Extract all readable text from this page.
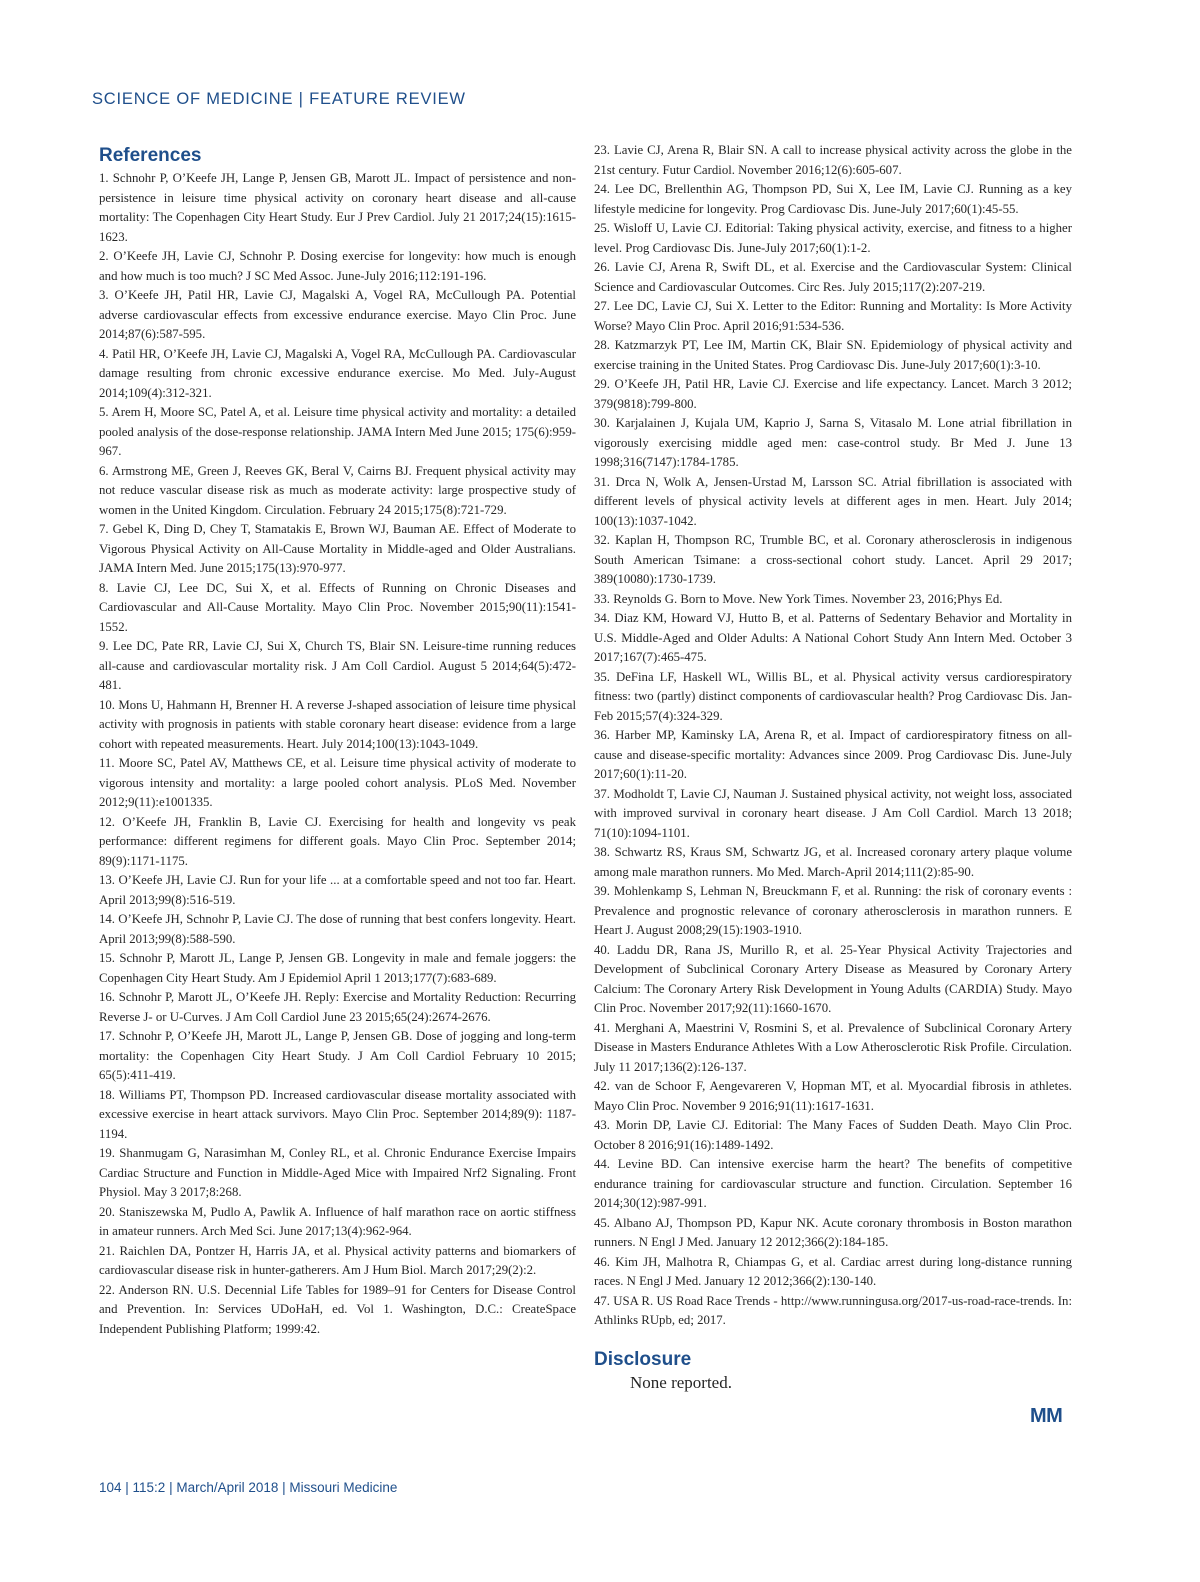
SCIENCE OF MEDICINE | FEATURE REVIEW
References

1. Schnohr P, O’Keefe JH, Lange P, Jensen GB, Marott JL. Impact of persistence and non-persistence in leisure time physical activity on coronary heart disease and all-cause mortality: The Copenhagen City Heart Study. Eur J Prev Cardiol. July 21 2017;24(15):1615-1623.

2. O’Keefe JH, Lavie CJ, Schnohr P. Dosing exercise for longevity: how much is enough and how much is too much? J SC Med Assoc. June-July 2016;112:191-196.

3. O’Keefe JH, Patil HR, Lavie CJ, Magalski A, Vogel RA, McCullough PA. Potential adverse cardiovascular effects from excessive endurance exercise. Mayo Clin Proc. June 2014;87(6):587-595.

4. Patil HR, O’Keefe JH, Lavie CJ, Magalski A, Vogel RA, McCullough PA. Cardiovascular damage resulting from chronic excessive endurance exercise. Mo Med. July-August 2014;109(4):312-321.

5. Arem H, Moore SC, Patel A, et al. Leisure time physical activity and mortality: a detailed pooled analysis of the dose-response relationship. JAMA Intern Med June 2015; 175(6):959-967.

6. Armstrong ME, Green J, Reeves GK, Beral V, Cairns BJ. Frequent physical activity may not reduce vascular disease risk as much as moderate activity: large prospective study of women in the United Kingdom. Circulation. February 24 2015;175(8):721-729.

7. Gebel K, Ding D, Chey T, Stamatakis E, Brown WJ, Bauman AE. Effect of Moderate to Vigorous Physical Activity on All-Cause Mortality in Middle-aged and Older Australians. JAMA Intern Med. June 2015;175(13):970-977.

8. Lavie CJ, Lee DC, Sui X, et al. Effects of Running on Chronic Diseases and Cardiovascular and All-Cause Mortality. Mayo Clin Proc. November 2015;90(11):1541-1552.

9. Lee DC, Pate RR, Lavie CJ, Sui X, Church TS, Blair SN. Leisure-time running reduces all-cause and cardiovascular mortality risk. J Am Coll Cardiol. August 5 2014;64(5):472-481.

10. Mons U, Hahmann H, Brenner H. A reverse J-shaped association of leisure time physical activity with prognosis in patients with stable coronary heart disease: evidence from a large cohort with repeated measurements. Heart. July 2014;100(13):1043-1049.

11. Moore SC, Patel AV, Matthews CE, et al. Leisure time physical activity of moderate to vigorous intensity and mortality: a large pooled cohort analysis. PLoS Med. November 2012;9(11):e1001335.

12. O’Keefe JH, Franklin B, Lavie CJ. Exercising for health and longevity vs peak performance: different regimens for different goals. Mayo Clin Proc. September 2014; 89(9):1171-1175.

13. O’Keefe JH, Lavie CJ. Run for your life ... at a comfortable speed and not too far. Heart. April 2013;99(8):516-519.

14. O’Keefe JH, Schnohr P, Lavie CJ. The dose of running that best confers longevity. Heart. April 2013;99(8):588-590.

15. Schnohr P, Marott JL, Lange P, Jensen GB. Longevity in male and female joggers: the Copenhagen City Heart Study. Am J Epidemiol April 1 2013;177(7):683-689.

16. Schnohr P, Marott JL, O’Keefe JH. Reply: Exercise and Mortality Reduction: Recurring Reverse J- or U-Curves. J Am Coll Cardiol June 23 2015;65(24):2674-2676.

17. Schnohr P, O’Keefe JH, Marott JL, Lange P, Jensen GB. Dose of jogging and long-term mortality: the Copenhagen City Heart Study. J Am Coll Cardiol February 10 2015; 65(5):411-419.

18. Williams PT, Thompson PD. Increased cardiovascular disease mortality associated with excessive exercise in heart attack survivors. Mayo Clin Proc. September 2014;89(9): 1187-1194.

19. Shanmugam G, Narasimhan M, Conley RL, et al. Chronic Endurance Exercise Impairs Cardiac Structure and Function in Middle-Aged Mice with Impaired Nrf2 Signaling. Front Physiol. May 3 2017;8:268.

20. Staniszewska M, Pudlo A, Pawlik A. Influence of half marathon race on aortic stiffness in amateur runners. Arch Med Sci. June 2017;13(4):962-964.

21. Raichlen DA, Pontzer H, Harris JA, et al. Physical activity patterns and biomarkers of cardiovascular disease risk in hunter-gatherers. Am J Hum Biol. March 2017;29(2):2.

22. Anderson RN. U.S. Decennial Life Tables for 1989–91 for Centers for Disease Control and Prevention. In: Services UDoHaH, ed. Vol 1. Washington, D.C.: CreateSpace Independent Publishing Platform; 1999:42.

23. Lavie CJ, Arena R, Blair SN. A call to increase physical activity across the globe in the 21st century. Futur Cardiol. November 2016;12(6):605-607.

24. Lee DC, Brellenthin AG, Thompson PD, Sui X, Lee IM, Lavie CJ. Running as a key lifestyle medicine for longevity. Prog Cardiovasc Dis. June-July 2017;60(1):45-55.

25. Wisloff U, Lavie CJ. Editorial: Taking physical activity, exercise, and fitness to a higher level. Prog Cardiovasc Dis. June-July 2017;60(1):1-2.

26. Lavie CJ, Arena R, Swift DL, et al. Exercise and the Cardiovascular System: Clinical Science and Cardiovascular Outcomes. Circ Res. July 2015;117(2):207-219.

27. Lee DC, Lavie CJ, Sui X. Letter to the Editor: Running and Mortality: Is More Activity Worse? Mayo Clin Proc. April 2016;91:534-536.

28. Katzmarzyk PT, Lee IM, Martin CK, Blair SN. Epidemiology of physical activity and exercise training in the United States. Prog Cardiovasc Dis. June-July 2017;60(1):3-10.

29. O’Keefe JH, Patil HR, Lavie CJ. Exercise and life expectancy. Lancet. March 3 2012; 379(9818):799-800.

30. Karjalainen J, Kujala UM, Kaprio J, Sarna S, Vitasalo M. Lone atrial fibrillation in vigorously exercising middle aged men: case-control study. Br Med J. June 13 1998;316(7147):1784-1785.

31. Drca N, Wolk A, Jensen-Urstad M, Larsson SC. Atrial fibrillation is associated with different levels of physical activity levels at different ages in men. Heart. July 2014; 100(13):1037-1042.

32. Kaplan H, Thompson RC, Trumble BC, et al. Coronary atherosclerosis in indigenous South American Tsimane: a cross-sectional cohort study. Lancet. April 29 2017; 389(10080):1730-1739.

33. Reynolds G. Born to Move. New York Times. November 23, 2016;Phys Ed.

34. Diaz KM, Howard VJ, Hutto B, et al. Patterns of Sedentary Behavior and Mortality in U.S. Middle-Aged and Older Adults: A National Cohort Study Ann Intern Med. October 3 2017;167(7):465-475.

35. DeFina LF, Haskell WL, Willis BL, et al. Physical activity versus cardiorespiratory fitness: two (partly) distinct components of cardiovascular health? Prog Cardiovasc Dis. Jan-Feb 2015;57(4):324-329.

36. Harber MP, Kaminsky LA, Arena R, et al. Impact of cardiorespiratory fitness on all-cause and disease-specific mortality: Advances since 2009. Prog Cardiovasc Dis. June-July 2017;60(1):11-20.

37. Modholdt T, Lavie CJ, Nauman J. Sustained physical activity, not weight loss, associated with improved survival in coronary heart disease. J Am Coll Cardiol. March 13 2018; 71(10):1094-1101.

38. Schwartz RS, Kraus SM, Schwartz JG, et al. Increased coronary artery plaque volume among male marathon runners. Mo Med. March-April 2014;111(2):85-90.

39. Mohlenkamp S, Lehman N, Breuckmann F, et al. Running: the risk of coronary events : Prevalence and prognostic relevance of coronary atherosclerosis in marathon runners. E Heart J. August 2008;29(15):1903-1910.

40. Laddu DR, Rana JS, Murillo R, et al. 25-Year Physical Activity Trajectories and Development of Subclinical Coronary Artery Disease as Measured by Coronary Artery Calcium: The Coronary Artery Risk Development in Young Adults (CARDIA) Study. Mayo Clin Proc. November 2017;92(11):1660-1670.

41. Merghani A, Maestrini V, Rosmini S, et al. Prevalence of Subclinical Coronary Artery Disease in Masters Endurance Athletes With a Low Atherosclerotic Risk Profile. Circulation. July 11 2017;136(2):126-137.

42. van de Schoor F, Aengevareren V, Hopman MT, et al. Myocardial fibrosis in athletes. Mayo Clin Proc. November 9 2016;91(11):1617-1631.

43. Morin DP, Lavie CJ. Editorial: The Many Faces of Sudden Death. Mayo Clin Proc. October 8 2016;91(16):1489-1492.

44. Levine BD. Can intensive exercise harm the heart? The benefits of competitive endurance training for cardiovascular structure and function. Circulation. September 16 2014;30(12):987-991.

45. Albano AJ, Thompson PD, Kapur NK. Acute coronary thrombosis in Boston marathon runners. N Engl J Med. January 12 2012;366(2):184-185.

46. Kim JH, Malhotra R, Chiampas G, et al. Cardiac arrest during long-distance running races. N Engl J Med. January 12 2012;366(2):130-140.

47. USA R. US Road Race Trends - http://www.runningusa.org/2017-us-road-race-trends. In: Athlinks RUpb, ed; 2017.

Disclosure
None reported.
MM
104 | 115:2 | March/April 2018 | Missouri Medicine
